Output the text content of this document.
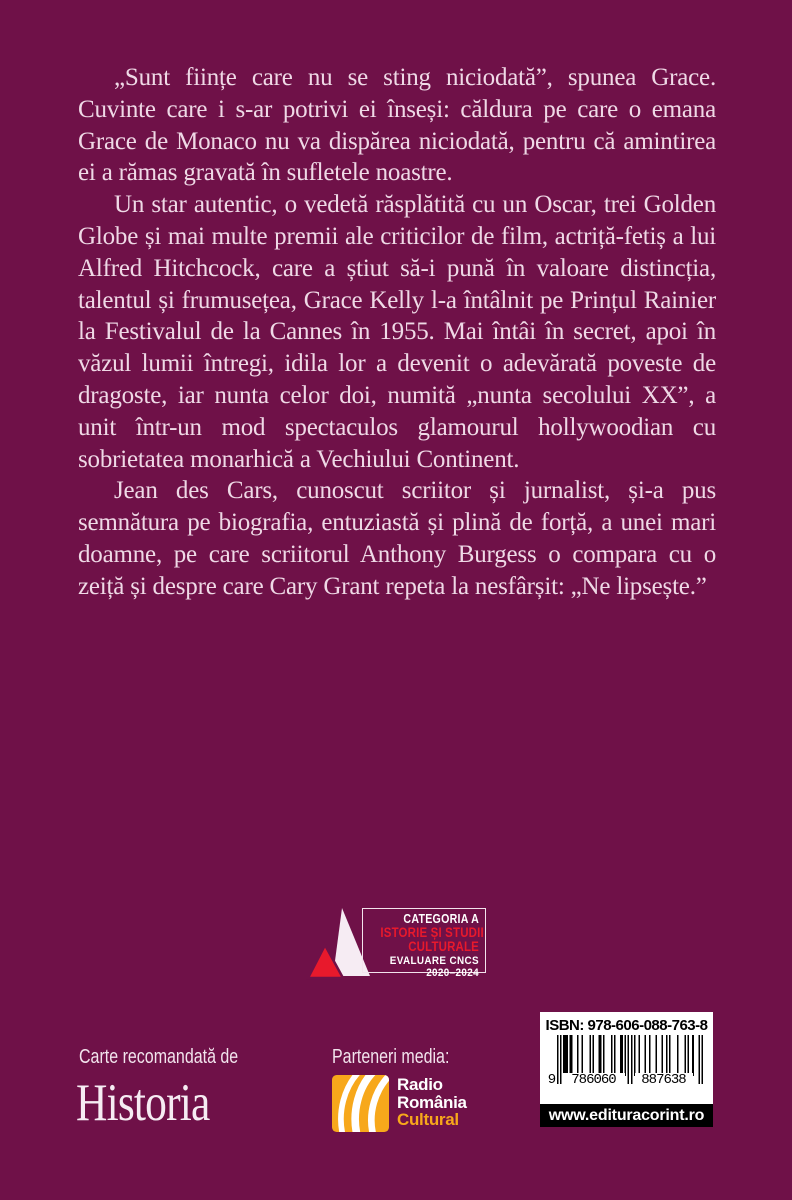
„Sunt ființe care nu se sting niciodată”, spunea Grace. Cuvinte care i s-ar potrivi ei înseși: căldura pe care o emana Grace de Monaco nu va dispărea niciodată, pentru că amintirea ei a rămas gravată în sufletele noastre.

Un star autentic, o vedetă răsplătită cu un Oscar, trei Golden Globe și mai multe premii ale criticilor de film, actriță-fetiș a lui Alfred Hitchcock, care a știut să-i pună în valoare distincția, talentul și frumusețea, Grace Kelly l-a întâlnit pe Prințul Rainier la Festivalul de la Cannes în 1955. Mai întâi în secret, apoi în văzul lumii întregi, idila lor a devenit o adevărată poveste de dragoste, iar nunta celor doi, numită „nunta secolului XX”, a unit într-un mod spectaculos glamourul hollywoodian cu sobrietatea monarhică a Vechiului Continent.

Jean des Cars, cunoscut scriitor și jurnalist, și-a pus semnătura pe biografia, entuziastă și plină de forță, a unei mari doamne, pe care scriitorul Anthony Burgess o compara cu o zeiță și despre care Cary Grant repeta la nesfârșit: „Ne lipsește.”

CATEGORIA A
ISTORIE ȘI STUDII
CULTURALE
EVALUARE CNCS
2020–2024
Carte recomandată de
Historia
Parteneri media:
Radio
România
Cultural
ISBN: 978-606-088-763-8
9	786060	887638
www.edituracorint.ro
